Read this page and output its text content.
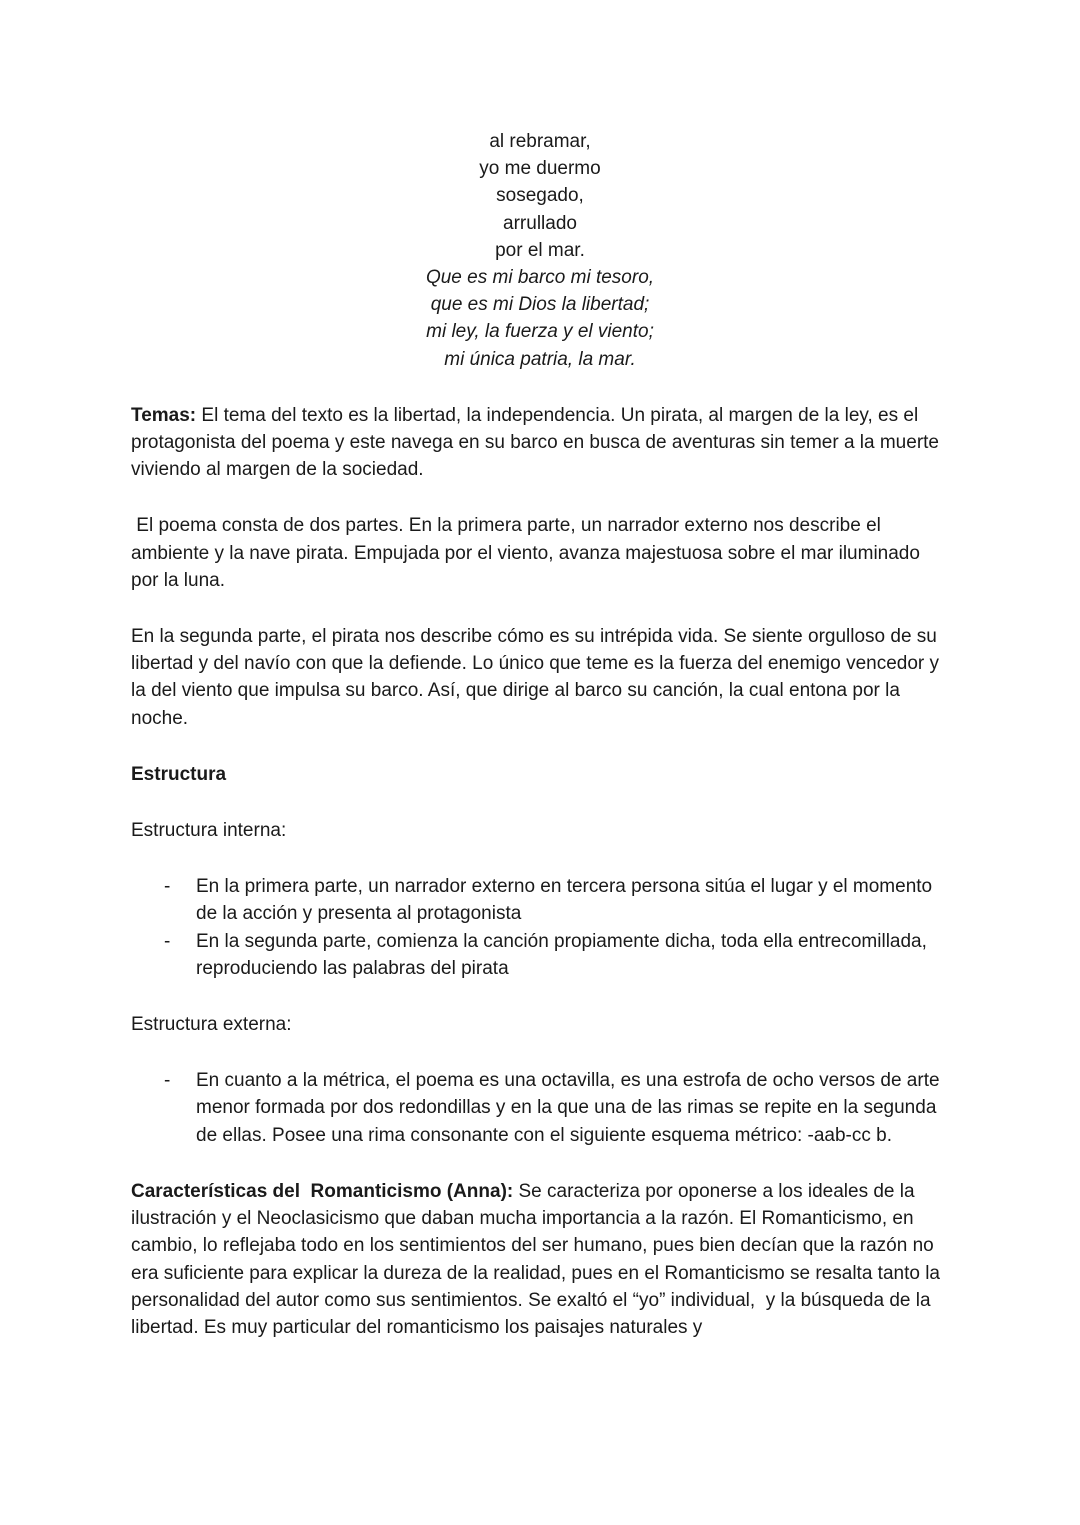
al rebramar,
yo me duermo
sosegado,
arrullado
por el mar.
Que es mi barco mi tesoro,
que es mi Dios la libertad;
mi ley, la fuerza y el viento;
mi única patria, la mar.

Temas: El tema del texto es la libertad, la independencia. Un pirata, al margen de la ley, es el protagonista del poema y este navega en su barco en busca de aventuras sin temer a la muerte viviendo al margen de la sociedad.

El poema consta de dos partes. En la primera parte, un narrador externo nos describe el ambiente y la nave pirata. Empujada por el viento, avanza majestuosa sobre el mar iluminado por la luna.

En la segunda parte, el pirata nos describe cómo es su intrépida vida. Se siente orgulloso de su libertad y del navío con que la defiende. Lo único que teme es la fuerza del enemigo vencedor y la del viento que impulsa su barco. Así, que dirige al barco su canción, la cual entona por la noche.

Estructura

Estructura interna:

- En la primera parte, un narrador externo en tercera persona sitúa el lugar y el momento de la acción y presenta al protagonista
- En la segunda parte, comienza la canción propiamente dicha, toda ella entrecomillada, reproduciendo las palabras del pirata

Estructura externa:

- En cuanto a la métrica, el poema es una octavilla, es una estrofa de ocho versos de arte menor formada por dos redondillas y en la que una de las rimas se repite en la segunda de ellas. Posee una rima consonante con el siguiente esquema métrico: -aab-cc b.

Características del  Romanticismo (Anna): Se caracteriza por oponerse a los ideales de la ilustración y el Neoclasicismo que daban mucha importancia a la razón. El Romanticismo, en cambio, lo reflejaba todo en los sentimientos del ser humano, pues bien decían que la razón no era suficiente para explicar la dureza de la realidad, pues en el Romanticismo se resalta tanto la personalidad del autor como sus sentimientos. Se exaltó el “yo” individual,  y la búsqueda de la libertad. Es muy particular del romanticismo los paisajes naturales y
